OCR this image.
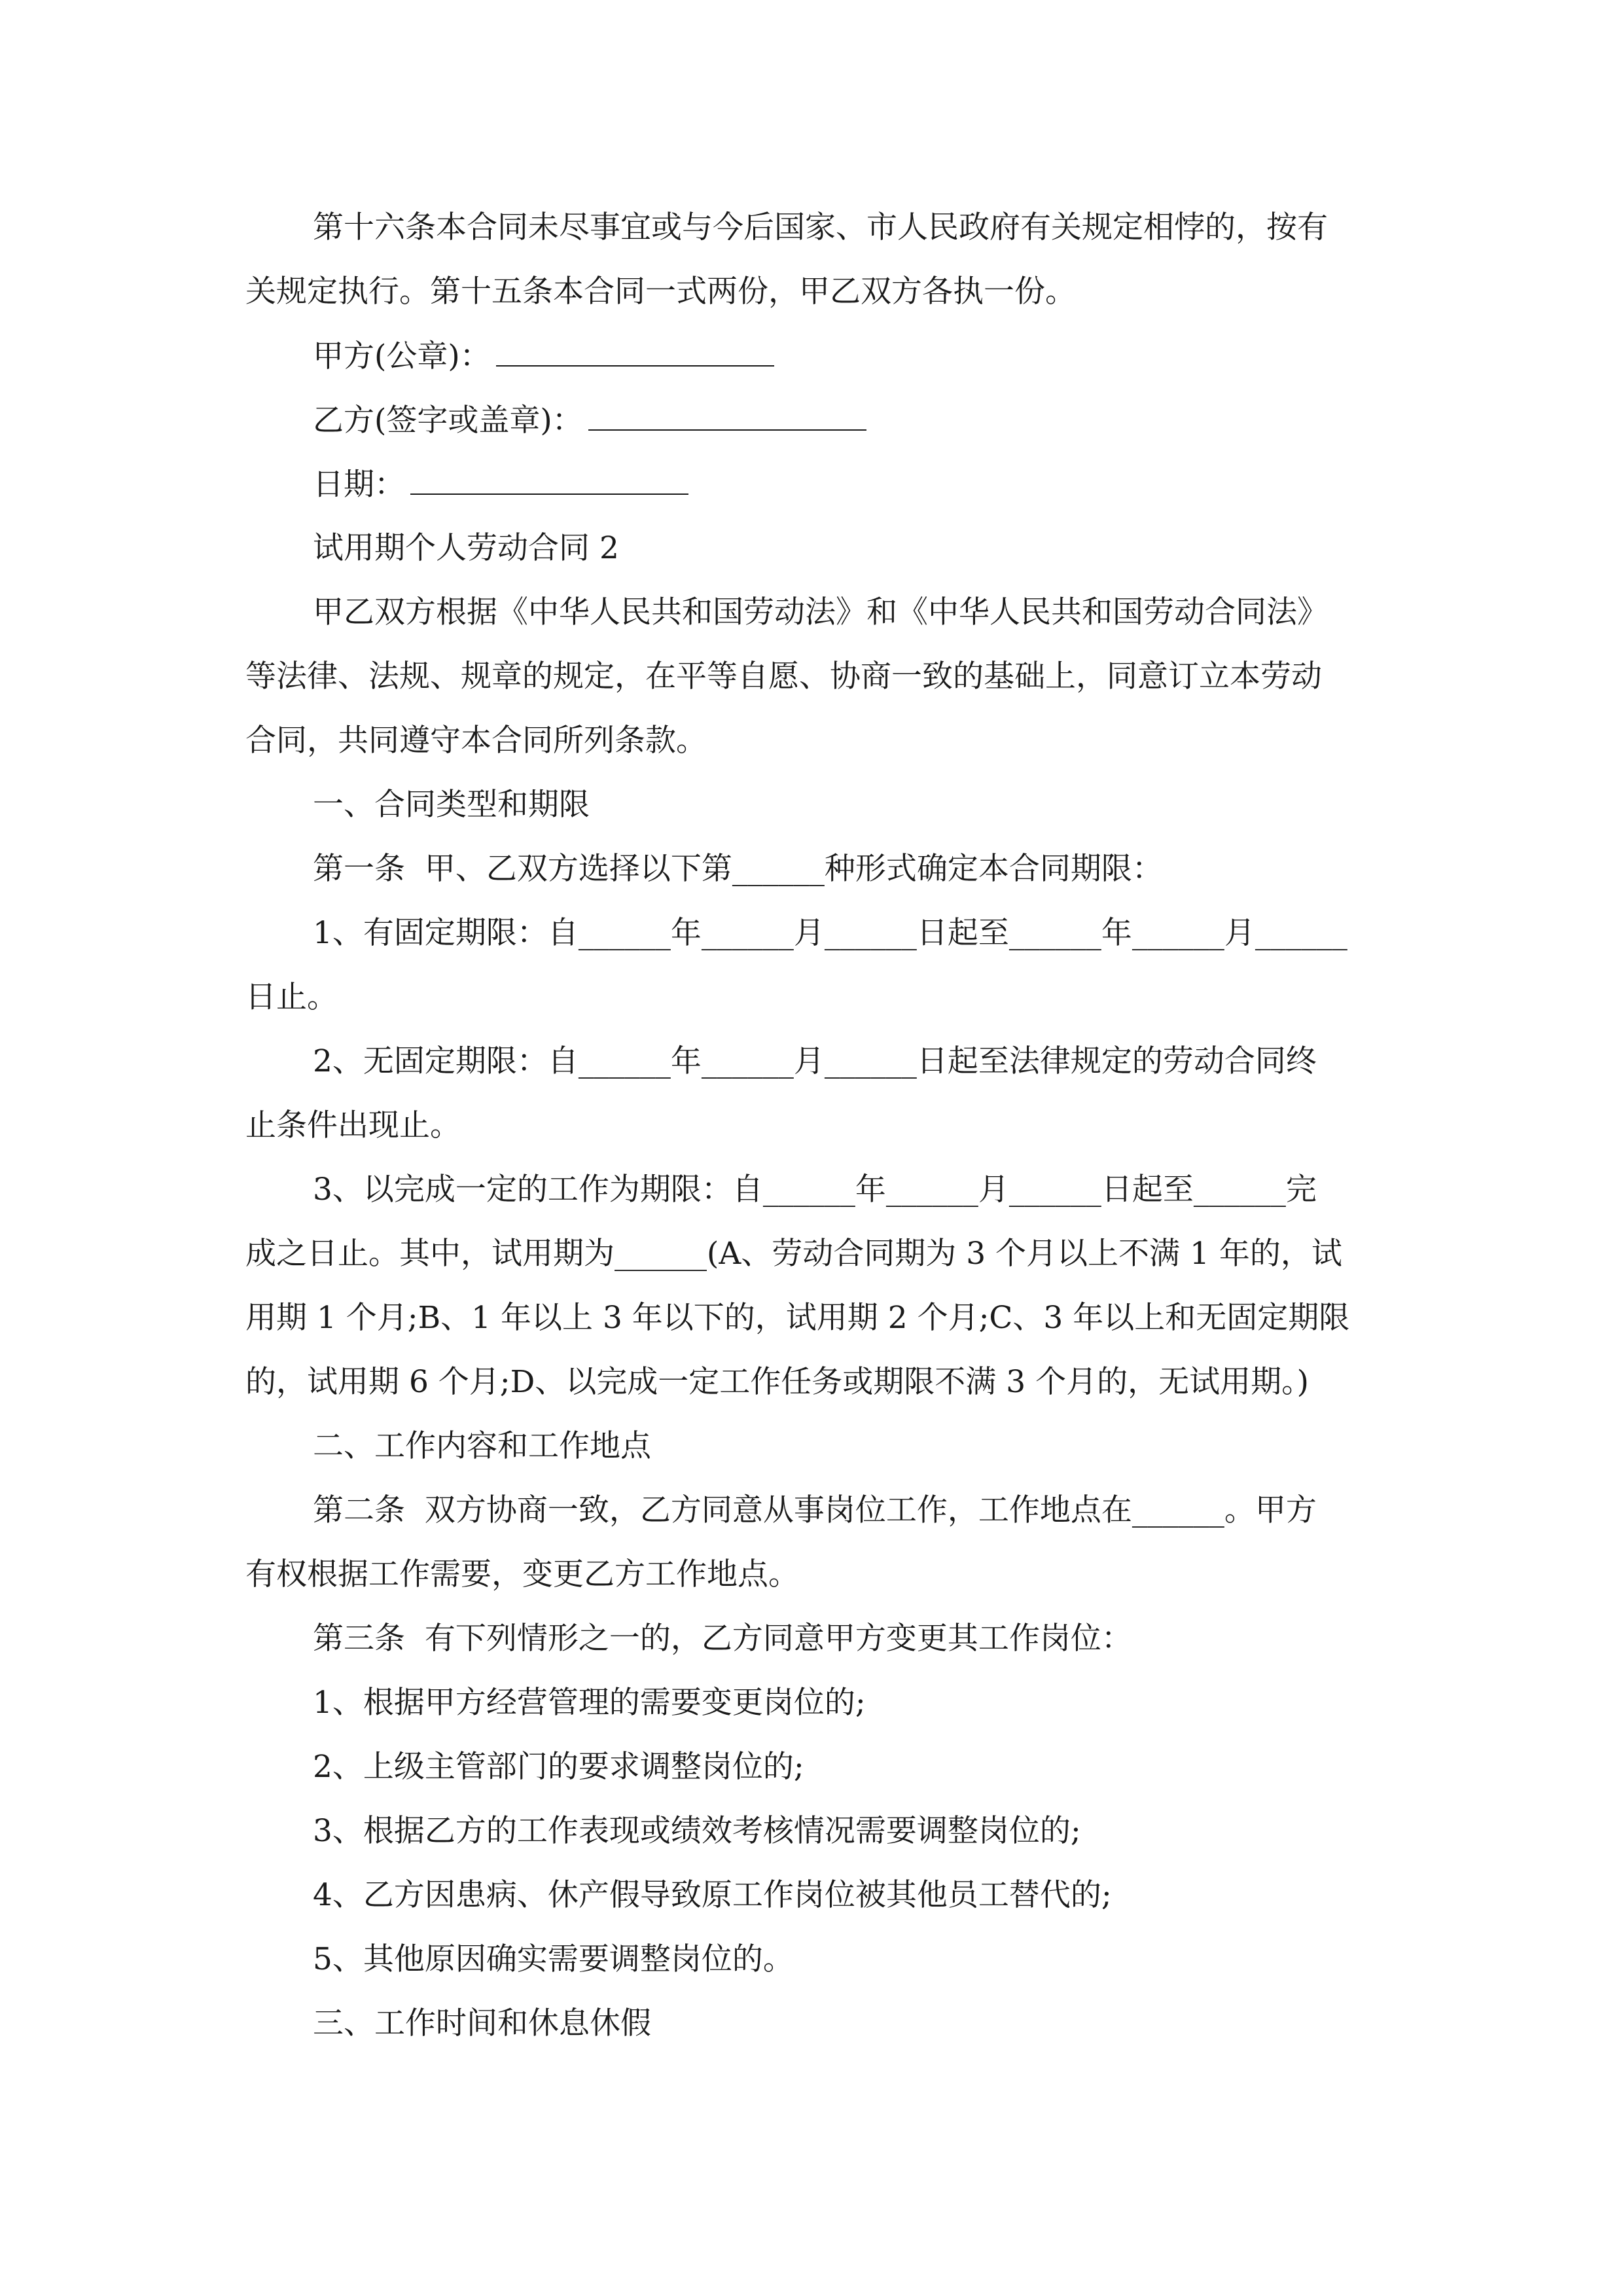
第十六条本合同未尽事宜或与今后国家、市人民政府有关规定相悖的，按有
关规定执行。第十五条本合同一式两份，甲乙双方各执一份。
甲方(公章)：
乙方(签字或盖章)：
日期：
试用期个人劳动合同 2
甲乙双方根据《中华人民共和国劳动法》和《中华人民共和国劳动合同法》
等法律、法规、规章的规定，在平等自愿、协商一致的基础上，同意订立本劳动
合同，共同遵守本合同所列条款。
一、合同类型和期限
第一条  甲、乙双方选择以下第______种形式确定本合同期限：
1、有固定期限：自______年______月______日起至______年______月______
日止。
2、无固定期限：自______年______月______日起至法律规定的劳动合同终
止条件出现止。
3、以完成一定的工作为期限：自______年______月______日起至______完
成之日止。其中，试用期为______(A、劳动合同期为 3 个月以上不满 1 年的，试
用期 1 个月;B、1 年以上 3 年以下的，试用期 2 个月;C、3 年以上和无固定期限
的，试用期 6 个月;D、以完成一定工作任务或期限不满 3 个月的，无试用期。)
二、工作内容和工作地点
第二条  双方协商一致，乙方同意从事岗位工作，工作地点在______。甲方
有权根据工作需要，变更乙方工作地点。
第三条  有下列情形之一的，乙方同意甲方变更其工作岗位：
1、根据甲方经营管理的需要变更岗位的;
2、上级主管部门的要求调整岗位的;
3、根据乙方的工作表现或绩效考核情况需要调整岗位的;
4、乙方因患病、休产假导致原工作岗位被其他员工替代的;
5、其他原因确实需要调整岗位的。
三、工作时间和休息休假
